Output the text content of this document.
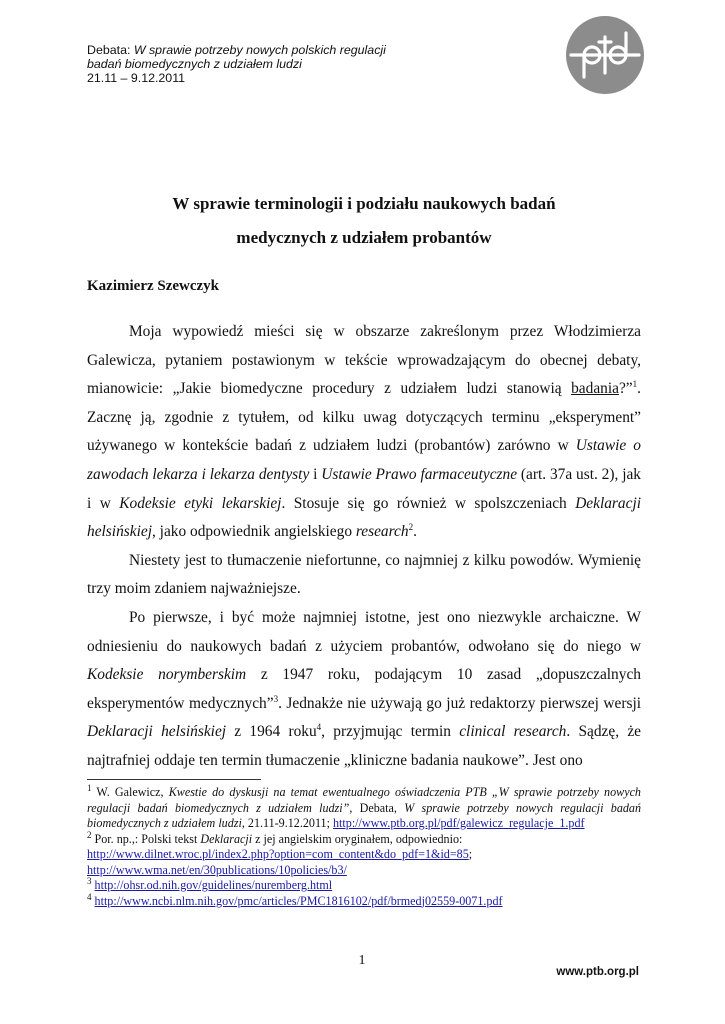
Debata: W sprawie potrzeby nowych polskich regulacji
badań biomedycznych z udziałem ludzi
21.11 – 9.12.2011
W sprawie terminologii i podziału naukowych badań
medycznych z udziałem probantów
Kazimierz Szewczyk

Moja wypowiedź mieści się w obszarze zakreślonym przez Włodzimierza Galewicza, pytaniem postawionym w tekście wprowadzającym do obecnej debaty, mianowicie: „Jakie biomedyczne procedury z udziałem ludzi stanowią badania?”$^1$. Zacznę ją, zgodnie z tytułem, od kilku uwag dotyczących terminu „eksperyment” używanego w kontekście badań z udziałem ludzi (probantów) zarówno w Ustawie o zawodach lekarza i lekarza dentysty i Ustawie Prawo farmaceutyczne (art. 37a ust. 2), jak i w Kodeksie etyki lekarskiej. Stosuje się go również w spolszczeniach Deklaracji helsińskiej, jako odpowiednik angielskiego research$^2$.

Niestety jest to tłumaczenie niefortunne, co najmniej z kilku powodów. Wymienię trzy moim zdaniem najważniejsze.

Po pierwsze, i być może najmniej istotne, jest ono niezwykle archaiczne. W odniesieniu do naukowych badań z użyciem probantów, odwołano się do niego w Kodeksie norymberskim z 1947 roku, podającym 10 zasad „dopuszczalnych eksperymentów medycznych”$^3$. Jednakże nie używają go już redaktorzy pierwszej wersji Deklaracji helsińskiej z 1964 roku$^4$, przyjmując termin clinical research. Sądzę, że najtrafniej oddaje ten termin tłumaczenie „kliniczne badania naukowe”. Jest ono

$^1$ W. Galewicz, Kwestie do dyskusji na temat ewentualnego oświadczenia PTB „W sprawie potrzeby nowych regulacji badań biomedycznych z udziałem ludzi”, Debata, W sprawie potrzeby nowych regulacji badań biomedycznych z udziałem ludzi, 21.11-9.12.2011; http://www.ptb.org.pl/pdf/galewicz_regulacje_1.pdf
$^2$ Por. np.,: Polski tekst Deklaracji z jej angielskim oryginałem, odpowiednio:
http://www.dilnet.wroc.pl/index2.php?option=com_content&do_pdf=1&id=85;
http://www.wma.net/en/30publications/10policies/b3/
$^3$ http://ohsr.od.nih.gov/guidelines/nuremberg.html
$^4$ http://www.ncbi.nlm.nih.gov/pmc/articles/PMC1816102/pdf/brmedj02559-0071.pdf
1
www.ptb.org.pl
